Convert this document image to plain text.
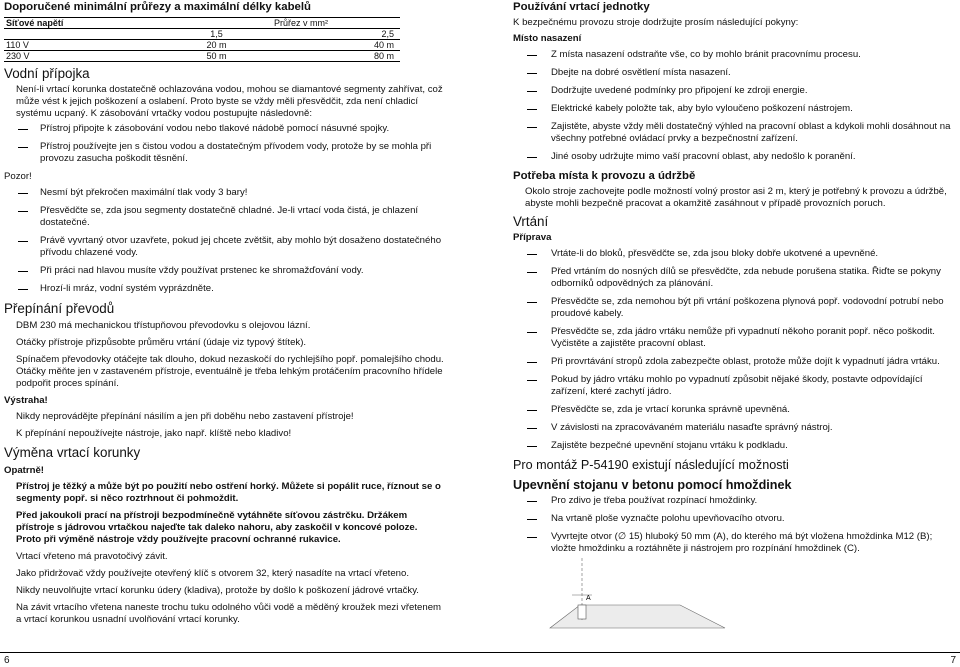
Doporučené minimální průřezy a maximální délky kabelů
Síťové napětí	Průřez v mm²	
	1,5	2,5
110 V	20 m	40 m
230 V	50 m	80 m
Vodní přípojka

Není-li vrtací korunka dostatečně ochlazována vodou, mohou se diamantové segmenty zahřívat, což může vést k jejich poškození a oslabení. Proto byste se vždy měli přesvědčit, zda není chladicí systému ucpaný. K zásobování vrtačky vodou postupujte následovně:

Přístroj připojte k zásobování vodou nebo tlakové nádobě pomocí násuvné spojky.
Přístroj používejte jen s čistou vodou a dostatečným přívodem vody, protože by se mohla při provozu zasucha poškodit těsnění.
Pozor!
Nesmí být překročen maximální tlak vody 3 bary!
Přesvědčte se, zda jsou segmenty dostatečně chladné. Je-li vrtací voda čistá, je chlazení dostatečné.
Právě vyvrtaný otvor uzavřete, pokud jej chcete zvětšit, aby mohlo být dosaženo dostatečného přívodu chlazené vody.
Při práci nad hlavou musíte vždy používat prstenec ke shromažďování vody.
Hrozí-li mráz, vodní systém vyprázdněte.
Přepínání převodů

DBM 230 má mechanickou třístupňovou převodovku s olejovou lázní.

Otáčky přístroje přizpůsobte průměru vrtání (údaje viz typový štítek).

Spínačem převodovky otáčejte tak dlouho, dokud nezaskočí do rychlejšího popř. pomalejšího chodu. Otáčky měňte jen v zastaveném přístroje, eventuálně je třeba lehkým protáčením pracovního hřídele podpořit proces spínání.

Výstraha!

Nikdy neprovádějte přepínání násilím a jen při doběhu nebo zastavení přístroje!

K přepínání nepoužívejte nástroje, jako např. klíště nebo kladivo!

Výměna vrtací korunky
Opatrně!

Přístroj je těžký a může být po použití nebo ostření horký. Můžete si popálit ruce, říznout se o segmenty popř. si něco roztrhnout či pohmoždit.

Před jakoukoli prací na přístroji bezpodmínečně vytáhněte síťovou zástrčku. Držákem přístroje s jádrovou vrtačkou najeďte tak daleko nahoru, aby zaskočil v koncové poloze. Proto při výměně nástroje vždy používejte pracovní ochranné rukavice.

Vrtací vřeteno má pravotočivý závit.

Jako přidržovač vždy používejte otevřený klíč s otvorem 32, který nasadíte na vrtací vřeteno.

Nikdy neuvolňujte vrtací korunku údery (kladiva), protože by došlo k poškození jádrové vrtačky.

Na závit vrtacího vřetena naneste trochu tuku odolného vůči vodě a měděný kroužek mezi vřetenem a vrtací korunkou usnadní uvolňování vrtací korunky.

Používání vrtací jednotky

K bezpečnému provozu stroje dodržujte prosím následující pokyny:

Místo nasazení
Z místa nasazení odstraňte vše, co by mohlo bránit pracovnímu procesu.
Dbejte na dobré osvětlení místa nasazení.
Dodržujte uvedené podmínky pro připojení ke zdroji energie.
Elektrické kabely položte tak, aby bylo vyloučeno poškození nástrojem.
Zajistěte, abyste vždy měli dostatečný výhled na pracovní oblast a kdykoli mohli dosáhnout na všechny potřebné ovládací prvky a bezpečnostní zařízení.
Jiné osoby udržujte mimo vaší pracovní oblast, aby nedošlo k poranění.
Potřeba místa k provozu a údržbě

Okolo stroje zachovejte podle možností volný prostor asi 2 m, který je potřebný k provozu a údržbě, abyste mohli bezpečně pracovat a okamžitě zasáhnout v případě provozních poruch.

Vrtání
Příprava
Vrtáte-li do bloků, přesvědčte se, zda jsou bloky dobře ukotvené a upevněné.
Před vrtáním do nosných dílů se přesvědčte, zda nebude porušena statika. Řiďte se pokyny odborníků odpovědných za plánování.
Přesvědčte se, zda nemohou být při vrtání poškozena plynová popř. vodovodní potrubí nebo proudové kabely.
Přesvědčte se, zda jádro vrtáku nemůže při vypadnutí někoho poranit popř. něco poškodit. Vyčistěte a zajistěte pracovní oblast.
Při provrtávání stropů zdola zabezpečte oblast, protože může dojít k vypadnutí jádra vrtáku.
Pokud by jádro vrtáku mohlo po vypadnutí způsobit nějaké škody, postavte odpovídající zařízení, které zachytí jádro.
Přesvědčte se, zda je vrtací korunka správně upevněná.
V závislosti na zpracovávaném materiálu nasaďte správný nástroj.
Zajistěte bezpečné upevnění stojanu vrtáku k podkladu.
Pro montáž P-54190 existují následující možnosti
Upevnění stojanu v betonu pomocí hmoždinek
Pro zdivo je třeba používat rozpínací hmoždinky.
Na vrtaně ploše vyznačte polohu upevňovacího otvoru.
Vyvrtejte otvor (∅ 15) hluboký 50 mm (A), do kterého má být vložena hmoždinka M12 (B); vložte hmoždinku a roztáhněte ji nástrojem pro rozpínání hmoždinek (C).
A
6	7
